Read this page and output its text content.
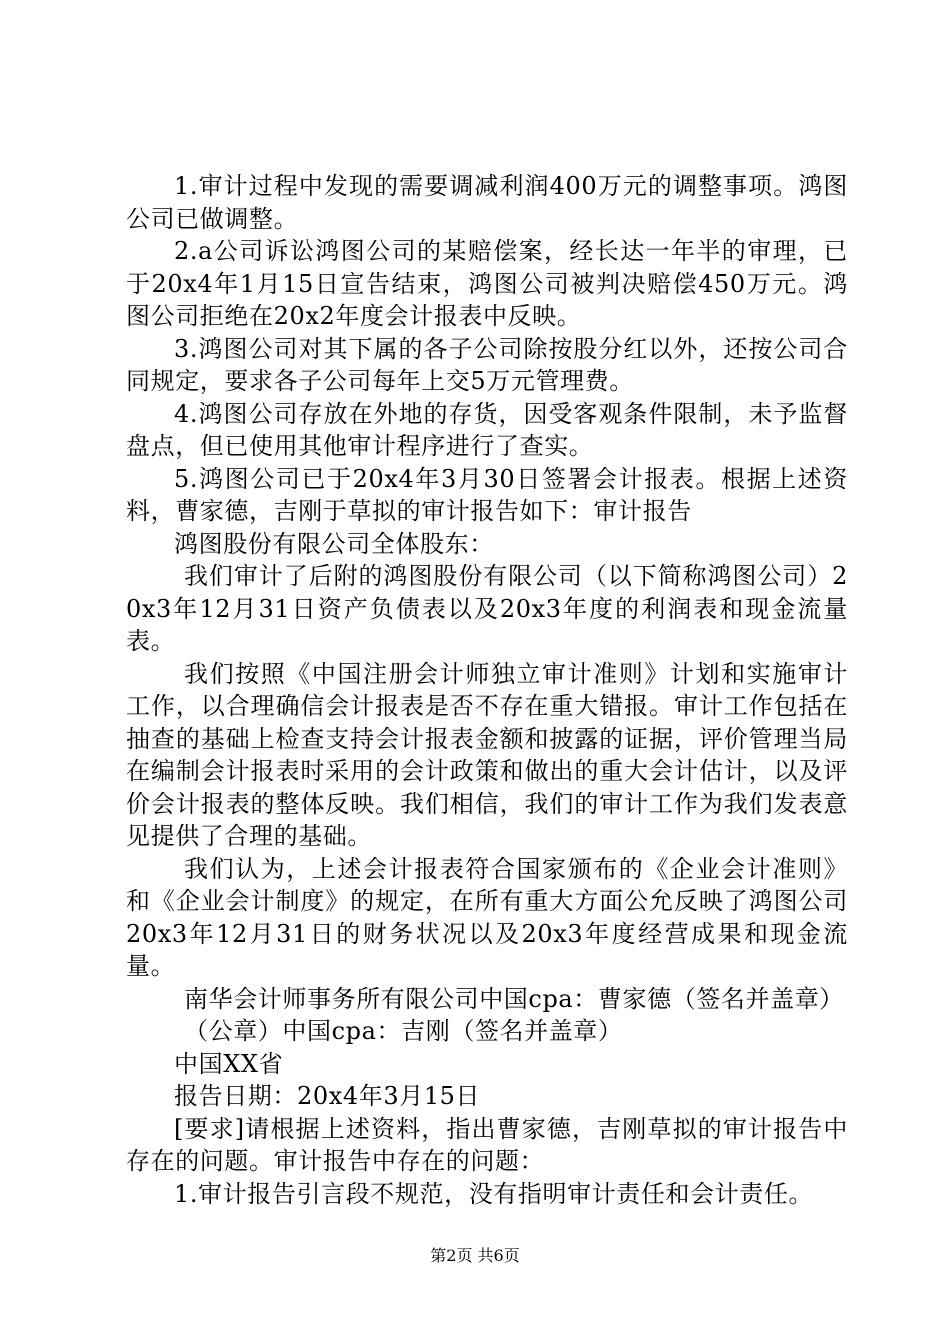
1.审计过程中发现的需要调减利润400万元的调整事项。鸿图公司已做调整。

2.a公司诉讼鸿图公司的某赔偿案，经长达一年半的审理，已于20x4年1月15日宣告结束，鸿图公司被判决赔偿450万元。鸿图公司拒绝在20x2年度会计报表中反映。

3.鸿图公司对其下属的各子公司除按股分红以外，还按公司合同规定，要求各子公司每年上交5万元管理费。

4.鸿图公司存放在外地的存货，因受客观条件限制，未予监督盘点，但已使用其他审计程序进行了查实。

5.鸿图公司已于20x4年3月30日签署会计报表。根据上述资料，曹家德，吉刚于草拟的审计报告如下：审计报告

鸿图股份有限公司全体股东：

我们审计了后附的鸿图股份有限公司（以下简称鸿图公司）20x3年12月31日资产负债表以及20x3年度的利润表和现金流量表。

我们按照《中国注册会计师独立审计准则》计划和实施审计工作，以合理确信会计报表是否不存在重大错报。审计工作包括在抽查的基础上检查支持会计报表金额和披露的证据，评价管理当局在编制会计报表时采用的会计政策和做出的重大会计估计，以及评价会计报表的整体反映。我们相信，我们的审计工作为我们发表意见提供了合理的基础。

我们认为，上述会计报表符合国家颁布的《企业会计准则》和《企业会计制度》的规定，在所有重大方面公允反映了鸿图公司20x3年12月31日的财务状况以及20x3年度经营成果和现金流量。

南华会计师事务所有限公司中国cpa：曹家德（签名并盖章）

（公章）中国cpa：吉刚（签名并盖章）

中国XX省

报告日期：20x4年3月15日

[要求]请根据上述资料，指出曹家德，吉刚草拟的审计报告中存在的问题。审计报告中存在的问题：

1.审计报告引言段不规范，没有指明审计责任和会计责任。

第2页 共6页
